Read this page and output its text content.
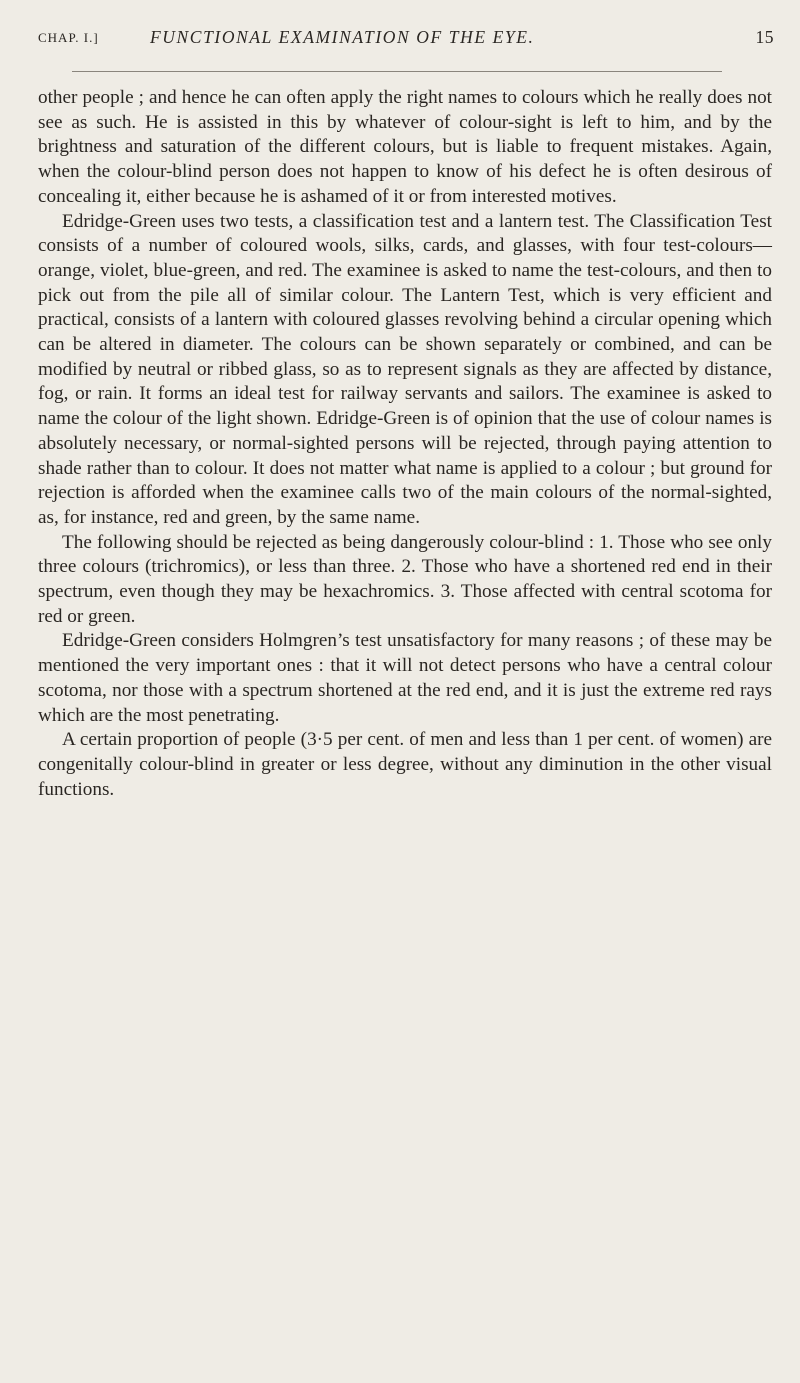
CHAP. I.]	FUNCTIONAL EXAMINATION OF THE EYE.	15

other people ; and hence he can often apply the right names to colours which he really does not see as such. He is assisted in this by whatever of colour-sight is left to him, and by the brightness and saturation of the different colours, but is liable to frequent mistakes. Again, when the colour-blind person does not happen to know of his defect he is often desirous of concealing it, either because he is ashamed of it or from interested motives.

Edridge-Green uses two tests, a classification test and a lantern test. The Classification Test consists of a number of coloured wools, silks, cards, and glasses, with four test-colours—orange, violet, blue-green, and red. The examinee is asked to name the test-colours, and then to pick out from the pile all of similar colour. The Lantern Test, which is very efficient and practical, consists of a lantern with coloured glasses revolving behind a circular opening which can be altered in diameter. The colours can be shown separately or combined, and can be modified by neutral or ribbed glass, so as to represent signals as they are affected by distance, fog, or rain. It forms an ideal test for railway servants and sailors. The examinee is asked to name the colour of the light shown. Edridge-Green is of opinion that the use of colour names is absolutely necessary, or normal-sighted persons will be rejected, through paying attention to shade rather than to colour. It does not matter what name is applied to a colour ; but ground for rejection is afforded when the examinee calls two of the main colours of the normal-sighted, as, for instance, red and green, by the same name.

The following should be rejected as being dangerously colour-blind : 1. Those who see only three colours (trichromics), or less than three. 2. Those who have a shortened red end in their spectrum, even though they may be hexachromics. 3. Those affected with central scotoma for red or green.

Edridge-Green considers Holmgren’s test unsatisfactory for many reasons ; of these may be mentioned the very important ones : that it will not detect persons who have a central colour scotoma, nor those with a spectrum shortened at the red end, and it is just the extreme red rays which are the most penetrating.

A certain proportion of people (3·5 per cent. of men and less than 1 per cent. of women) are congenitally colour-blind in greater or less degree, without any diminution in the other visual functions.
